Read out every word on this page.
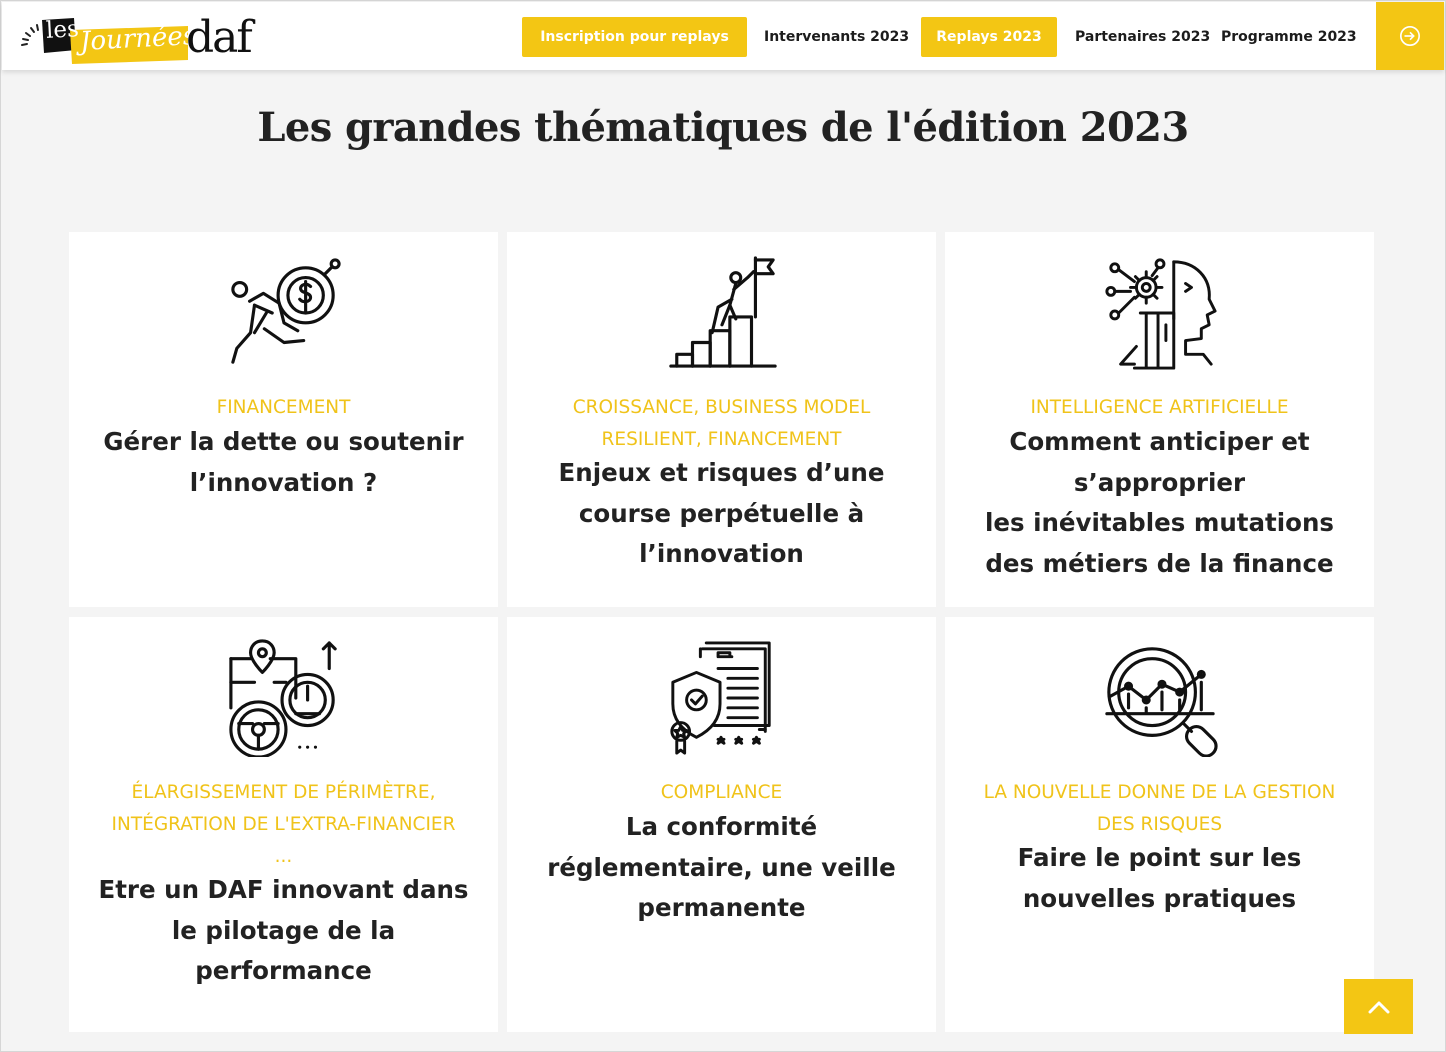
les Journées
daf	Inscription pour replays	Intervenants 2023	Replays 2023	Partenaires 2023 Programme 2023
Les grandes thématiques de l'édition 2023
FINANCEMENT
Gérer la dette ou soutenir
l’innovation ?
CROISSANCE, BUSINESS MODEL
RESILIENT, FINANCEMENT
Enjeux et risques d’une
course perpétuelle à
l’innovation
INTELLIGENCE ARTIFICIELLE
Comment anticiper et
s’approprier
les inévitables mutations
des métiers de la finance
ÉLARGISSEMENT DE PÉRIMÈTRE,
INTÉGRATION DE L'EXTRA-FINANCIER
...
Etre un DAF innovant dans
le pilotage de la
performance
COMPLIANCE
La conformité
réglementaire, une veille
permanente
LA NOUVELLE DONNE DE LA GESTION
DES RISQUES
Faire le point sur les
nouvelles pratiques
